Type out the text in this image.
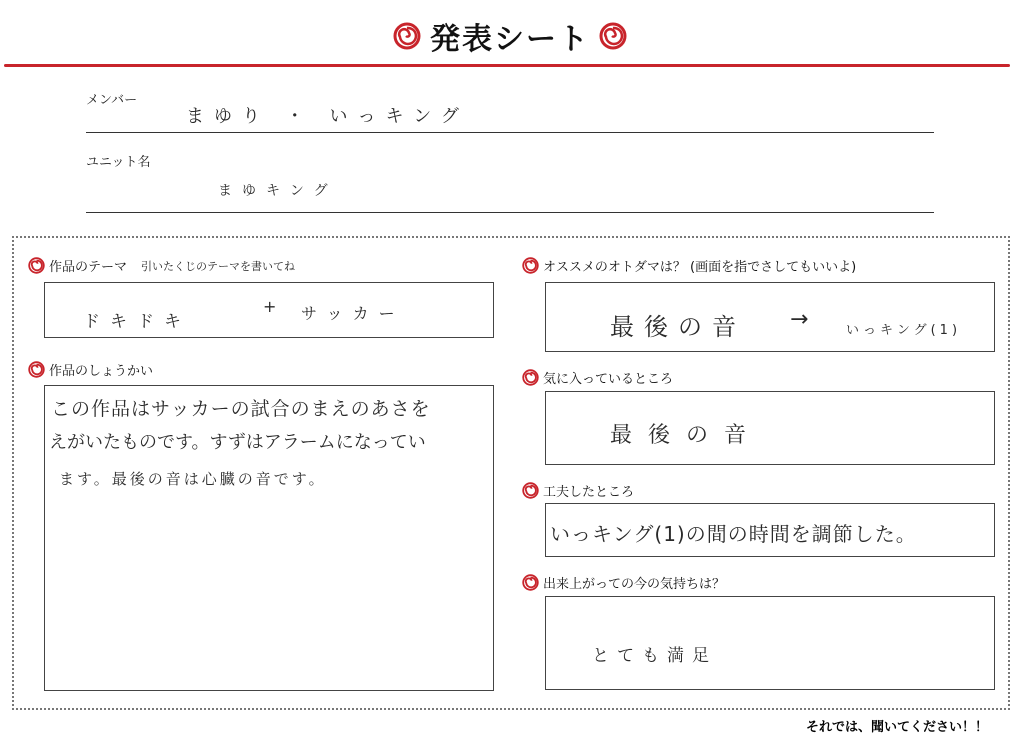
発表シート
メンバー
まゆり ・ いっキング
ユニット名
まゆキング
作品のテーマ 引いたくじのテーマを書いてね
ドキドキ
+ サッカー
作品のしょうかい
この作品はサッカーの試合のまえのあさを
えがいたものです。すずはアラームになってい
ます。最後の音は心臓の音です。
オススメのオトダマは？ (画面を指でさしてもいいよ)
最後の音 →	いっキング(1)
気に入っているところ
最後の音
工夫したところ
いっキング(1)の間の時間を調節した。
出来上がっての今の気持ちは？
とても満足
それでは、聞いてください！！
